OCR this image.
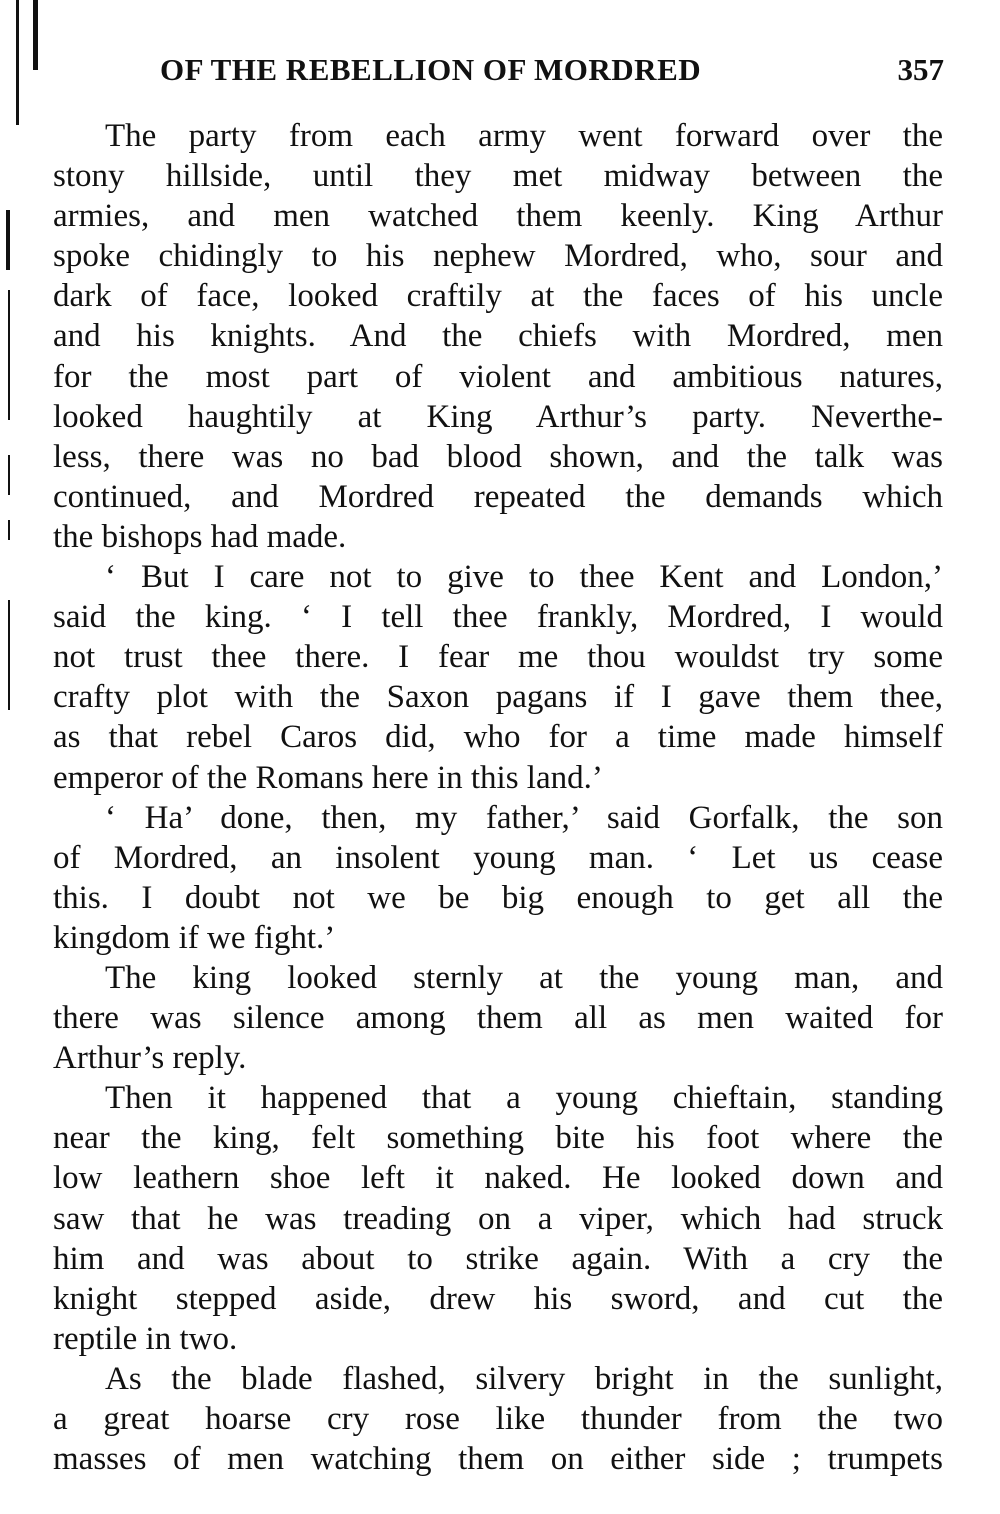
OF THE REBELLION OF MORDRED	357
The party from each army went forward over the
stony hillside, until they met midway between the
armies, and men watched them keenly. King Arthur
spoke chidingly to his nephew Mordred, who, sour and
dark of face, looked craftily at the faces of his uncle
and his knights. And the chiefs with Mordred, men
for the most part of violent and ambitious natures,
looked haughtily at King Arthur’s party. Neverthe-
less, there was no bad blood shown, and the talk was
continued, and Mordred repeated the demands which
the bishops had made.
‘ But I care not to give to thee Kent and London,’
said the king. ‘ I tell thee frankly, Mordred, I would
not trust thee there. I fear me thou wouldst try some
crafty plot with the Saxon pagans if I gave them thee,
as that rebel Caros did, who for a time made himself
emperor of the Romans here in this land.’
‘ Ha’ done, then, my father,’ said Gorfalk, the son
of Mordred, an insolent young man. ‘ Let us cease
this. I doubt not we be big enough to get all the
kingdom if we fight.’
The king looked sternly at the young man, and
there was silence among them all as men waited for
Arthur’s reply.
Then it happened that a young chieftain, standing
near the king, felt something bite his foot where the
low leathern shoe left it naked. He looked down and
saw that he was treading on a viper, which had struck
him and was about to strike again. With a cry the
knight stepped aside, drew his sword, and cut the
reptile in two.
As the blade flashed, silvery bright in the sunlight,
a great hoarse cry rose like thunder from the two
masses of men watching them on either side ; trumpets
